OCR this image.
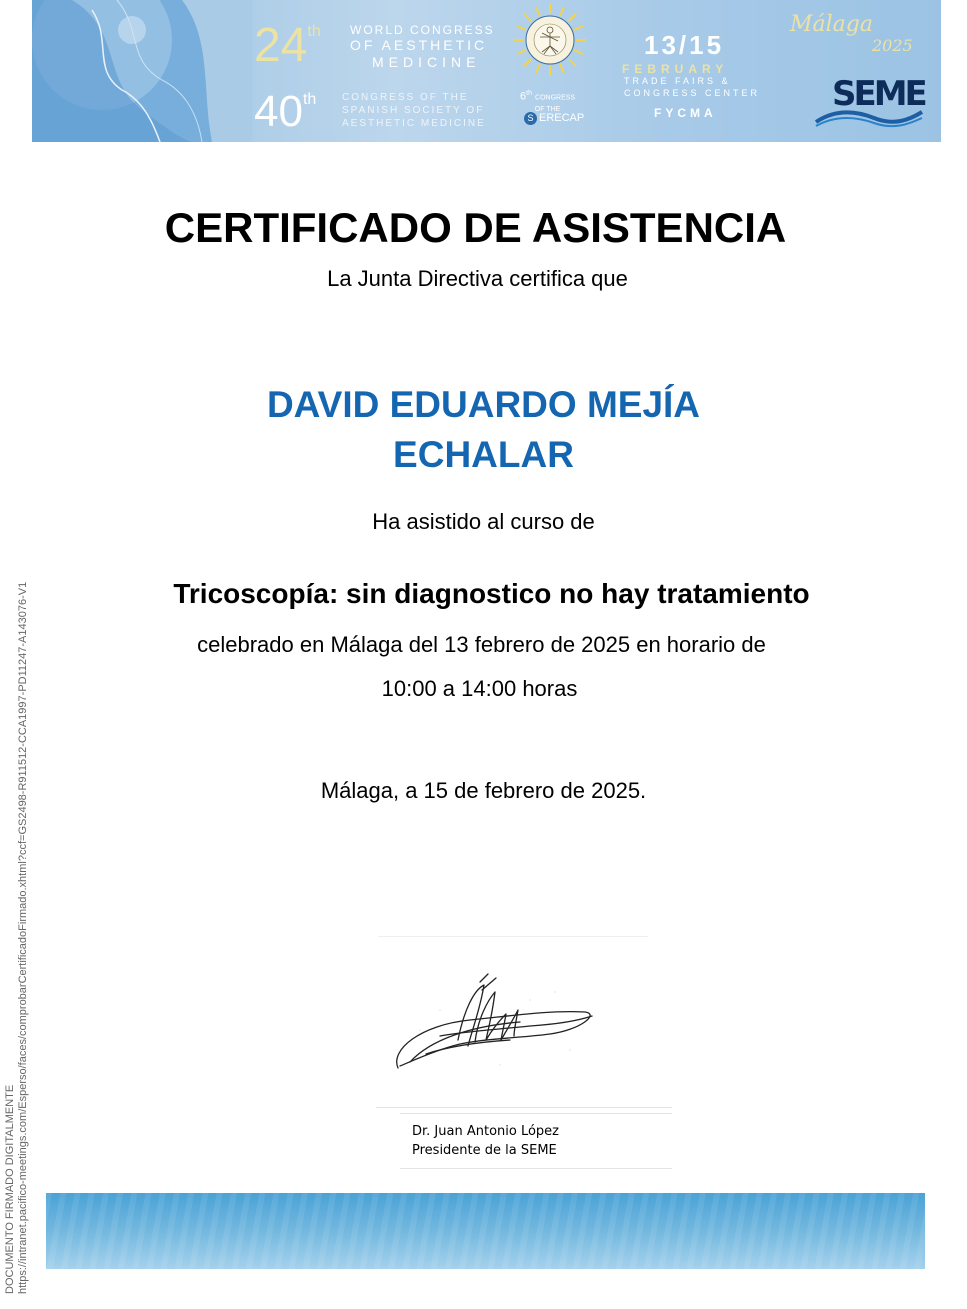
24th WORLD CONGRESS
OF AESTHETIC
MEDICINE
40th	CONGRESS OF THE
SPANISH SOCIETY OF
AESTHETIC MEDICINE
6th CONGRESS
OF THE
S ERECAP
13/15
FEBRUARY
TRADE FAIRS &
CONGRESS CENTER
FYCMA
Málaga
2025
SEME
CERTIFICADO DE ASISTENCIA
La Junta Directiva certifica que
DAVID EDUARDO MEJÍA
ECHALAR
Ha asistido al curso de
Tricoscopía: sin diagnostico no hay tratamiento
celebrado en Málaga del 13 febrero de 2025 en horario de
10:00 a 14:00 horas
Málaga, a 15 de febrero de 2025.
Dr. Juan Antonio López
Presidente de la SEME
DOCUMENTO FIRMADO DIGITALMENTE https://intranet.pacifico-meetings.com/Esperso/faces/comprobarCertificadoFirmado.xhtml?ccf=GS2498-R911512-CCA1997-PD11247-A143076-V1
